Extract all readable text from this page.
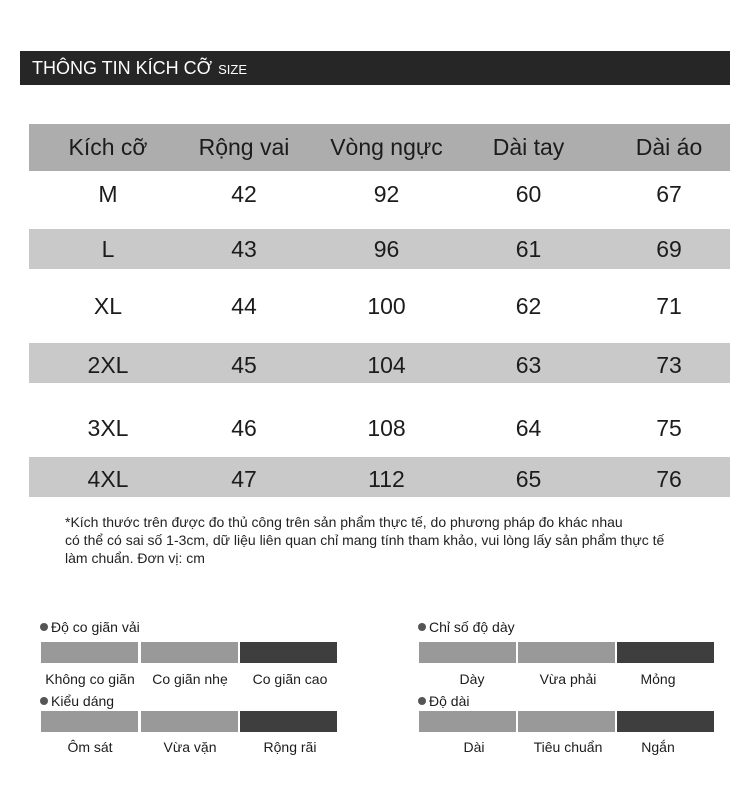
THÔNG TIN KÍCH CỠ SIZE
Kích cỡ	Rộng vai	Vòng ngực	Dài tay	Dài áo
M	42	92	60	67
L	43	96	61	69
XL	44	100	62	71
2XL	45	104	63	73
3XL	46	108	64	75
4XL	47	112	65	76
*Kích thước trên được đo thủ công trên sản phẩm thực tế, do phương pháp đo khác nhau
có thể có sai số 1-3cm, dữ liệu liên quan chỉ mang tính tham khảo, vui lòng lấy sản phẩm thực tế
làm chuẩn. Đơn vị: cm
Độ co giãn vải
Không co giãn	Co giãn nhẹ	Co giãn cao
Kiểu dáng
Ôm sát	Vừa vặn	Rộng rãi
Chỉ số độ dày
Dày	Vừa phải	Mỏng
Độ dài
Dài	Tiêu chuẩn	Ngắn
